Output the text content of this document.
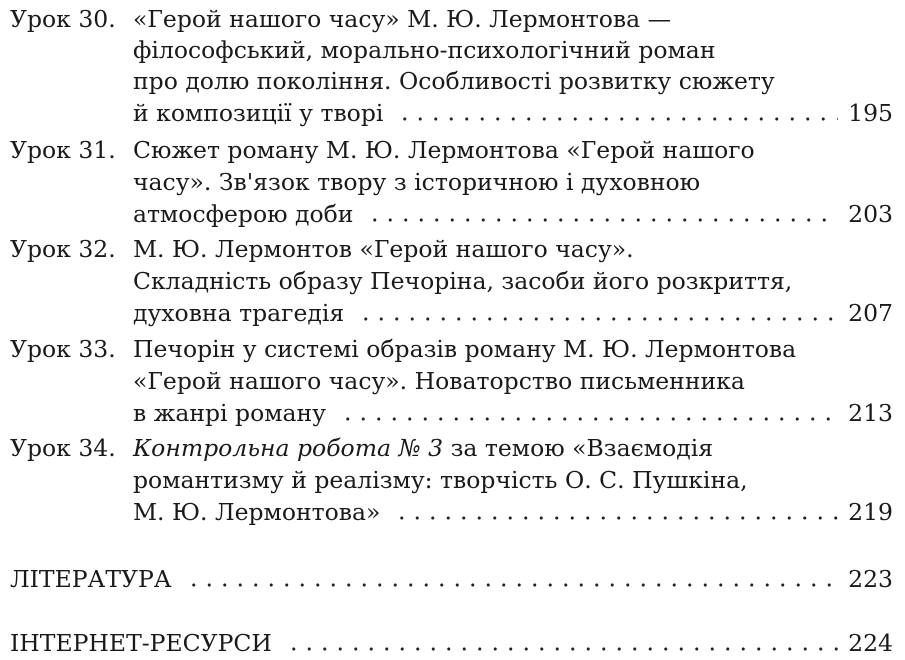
Урок 30. «Герой нашого часу» М. Ю. Лермонтова —
філософський, морально-психологічний роман
про долю покоління. Особливості розвитку сюжету
й композиції у творі	195
Урок 31. Сюжет роману М. Ю. Лермонтова «Герой нашого
часу». Зв'язок твору з історичною і духовною
атмосферою доби	203
Урок 32. М. Ю. Лермонтов «Герой нашого часу».
Складність образу Печоріна, засоби його розкриття,
духовна трагедія	207
Урок 33. Печорін у системі образів роману М. Ю. Лермонтова
«Герой нашого часу». Новаторство письменника
в жанрі роману	213
Урок 34. Контрольна робота № 3 за темою «Взаємодія
романтизму й реалізму: творчість О. С. Пушкіна,
М. Ю. Лермонтова»	219
ЛІТЕРАТУРА	223
ІНТЕРНЕТ-РЕСУРСИ	224
